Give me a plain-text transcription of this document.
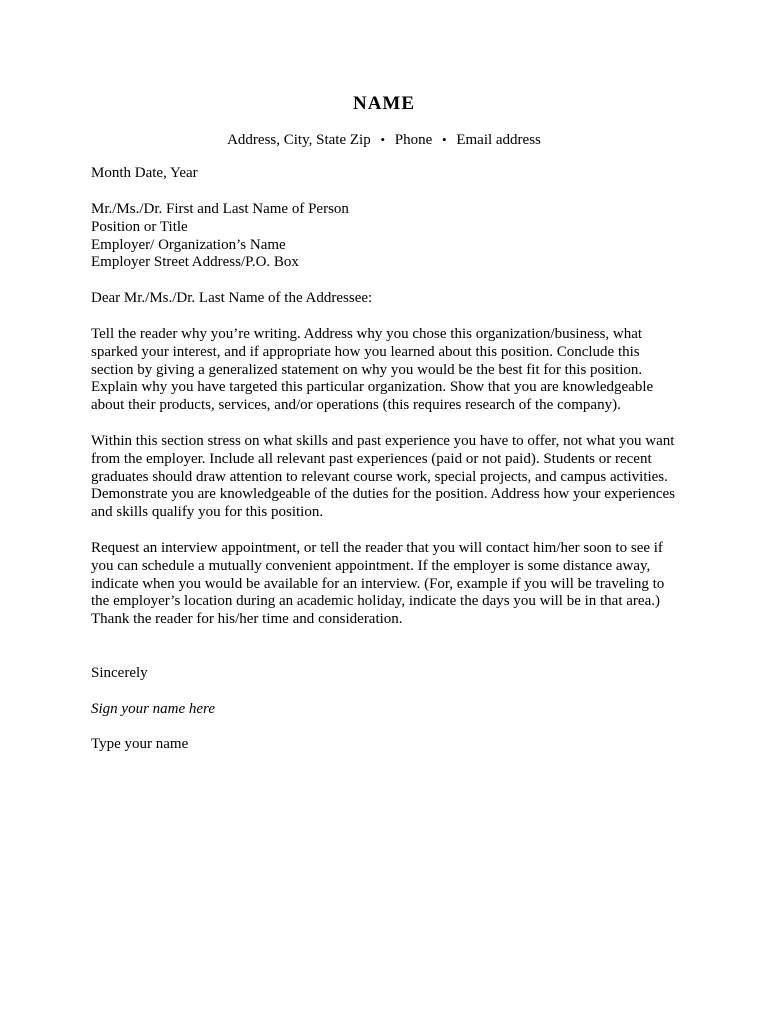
NAME
Address, City, State Zip • Phone • Email address
Month Date, Year
Mr./Ms./Dr. First and Last Name of Person
Position or Title
Employer/ Organization’s Name
Employer Street Address/P.O. Box
Dear Mr./Ms./Dr. Last Name of the Addressee:
Tell the reader why you’re writing. Address why you chose this organization/business, what
sparked your interest, and if appropriate how you learned about this position. Conclude this
section by giving a generalized statement on why you would be the best fit for this position.
Explain why you have targeted this particular organization. Show that you are knowledgeable
about their products, services, and/or operations (this requires research of the company).
Within this section stress on what skills and past experience you have to offer, not what you want
from the employer. Include all relevant past experiences (paid or not paid). Students or recent
graduates should draw attention to relevant course work, special projects, and campus activities.
Demonstrate you are knowledgeable of the duties for the position. Address how your experiences
and skills qualify you for this position.
Request an interview appointment, or tell the reader that you will contact him/her soon to see if
you can schedule a mutually convenient appointment. If the employer is some distance away,
indicate when you would be available for an interview. (For, example if you will be traveling to
the employer’s location during an academic holiday, indicate the days you will be in that area.)
Thank the reader for his/her time and consideration.
Sincerely
Sign your name here
Type your name
